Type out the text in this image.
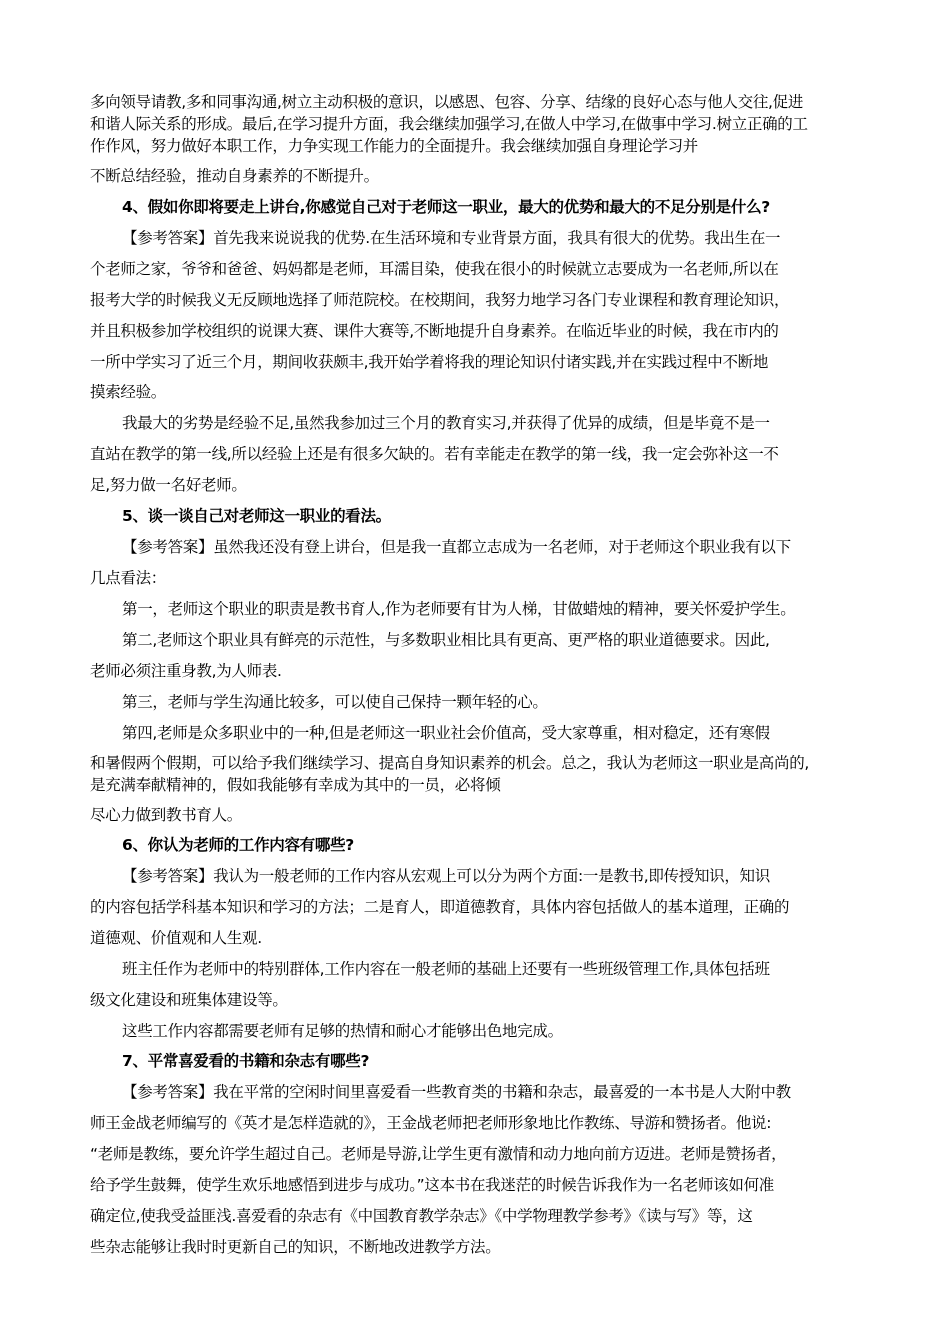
多向领导请教,多和同事沟通,树立主动积极的意识，以感恩、包容、分享、结缘的良好心态与他人交往,促进
和谐人际关系的形成。最后,在学习提升方面，我会继续加强学习,在做人中学习,在做事中学习.树立正确的工
作作风，努力做好本职工作，力争实现工作能力的全面提升。我会继续加强自身理论学习并
不断总结经验，推动自身素养的不断提升。
4、假如你即将要走上讲台,你感觉自己对于老师这一职业，最大的优势和最大的不足分别是什么?
【参考答案】首先我来说说我的优势.在生活环境和专业背景方面，我具有很大的优势。我出生在一
个老师之家，爷爷和爸爸、妈妈都是老师，耳濡目染，使我在很小的时候就立志要成为一名老师,所以在
报考大学的时候我义无反顾地选择了师范院校。在校期间，我努力地学习各门专业课程和教育理论知识，
并且积极参加学校组织的说课大赛、课件大赛等,不断地提升自身素养。在临近毕业的时候，我在市内的
一所中学实习了近三个月，期间收获颇丰,我开始学着将我的理论知识付诸实践,并在实践过程中不断地
摸索经验。
我最大的劣势是经验不足,虽然我参加过三个月的教育实习,并获得了优异的成绩，但是毕竟不是一
直站在教学的第一线,所以经验上还是有很多欠缺的。若有幸能走在教学的第一线，我一定会弥补这一不
足,努力做一名好老师。
5、谈一谈自己对老师这一职业的看法。
【参考答案】虽然我还没有登上讲台，但是我一直都立志成为一名老师，对于老师这个职业我有以下
几点看法：
第一，老师这个职业的职责是教书育人,作为老师要有甘为人梯，甘做蜡烛的精神，要关怀爱护学生。
第二,老师这个职业具有鲜亮的示范性，与多数职业相比具有更高、更严格的职业道德要求。因此,
老师必须注重身教,为人师表.
第三，老师与学生沟通比较多，可以使自己保持一颗年轻的心。
第四,老师是众多职业中的一种,但是老师这一职业社会价值高，受大家尊重，相对稳定，还有寒假
和暑假两个假期，可以给予我们继续学习、提高自身知识素养的机会。总之，我认为老师这一职业是高尚的,
是充满奉献精神的，假如我能够有幸成为其中的一员，必将倾
尽心力做到教书育人。
6、你认为老师的工作内容有哪些?
【参考答案】我认为一般老师的工作内容从宏观上可以分为两个方面:一是教书,即传授知识，知识
的内容包括学科基本知识和学习的方法；二是育人，即道德教育，具体内容包括做人的基本道理，正确的
道德观、价值观和人生观.
班主任作为老师中的特别群体,工作内容在一般老师的基础上还要有一些班级管理工作,具体包括班
级文化建设和班集体建设等。
这些工作内容都需要老师有足够的热情和耐心才能够出色地完成。
7、平常喜爱看的书籍和杂志有哪些?
【参考答案】我在平常的空闲时间里喜爱看一些教育类的书籍和杂志，最喜爱的一本书是人大附中教
师王金战老师编写的《英才是怎样造就的》，王金战老师把老师形象地比作教练、导游和赞扬者。他说:
“老师是教练，要允许学生超过自己。老师是导游,让学生更有激情和动力地向前方迈进。老师是赞扬者，
给予学生鼓舞，使学生欢乐地感悟到进步与成功。”这本书在我迷茫的时候告诉我作为一名老师该如何准
确定位,使我受益匪浅.喜爱看的杂志有《中国教育教学杂志》《中学物理教学参考》《读与写》等，这
些杂志能够让我时时更新自己的知识，不断地改进教学方法。
